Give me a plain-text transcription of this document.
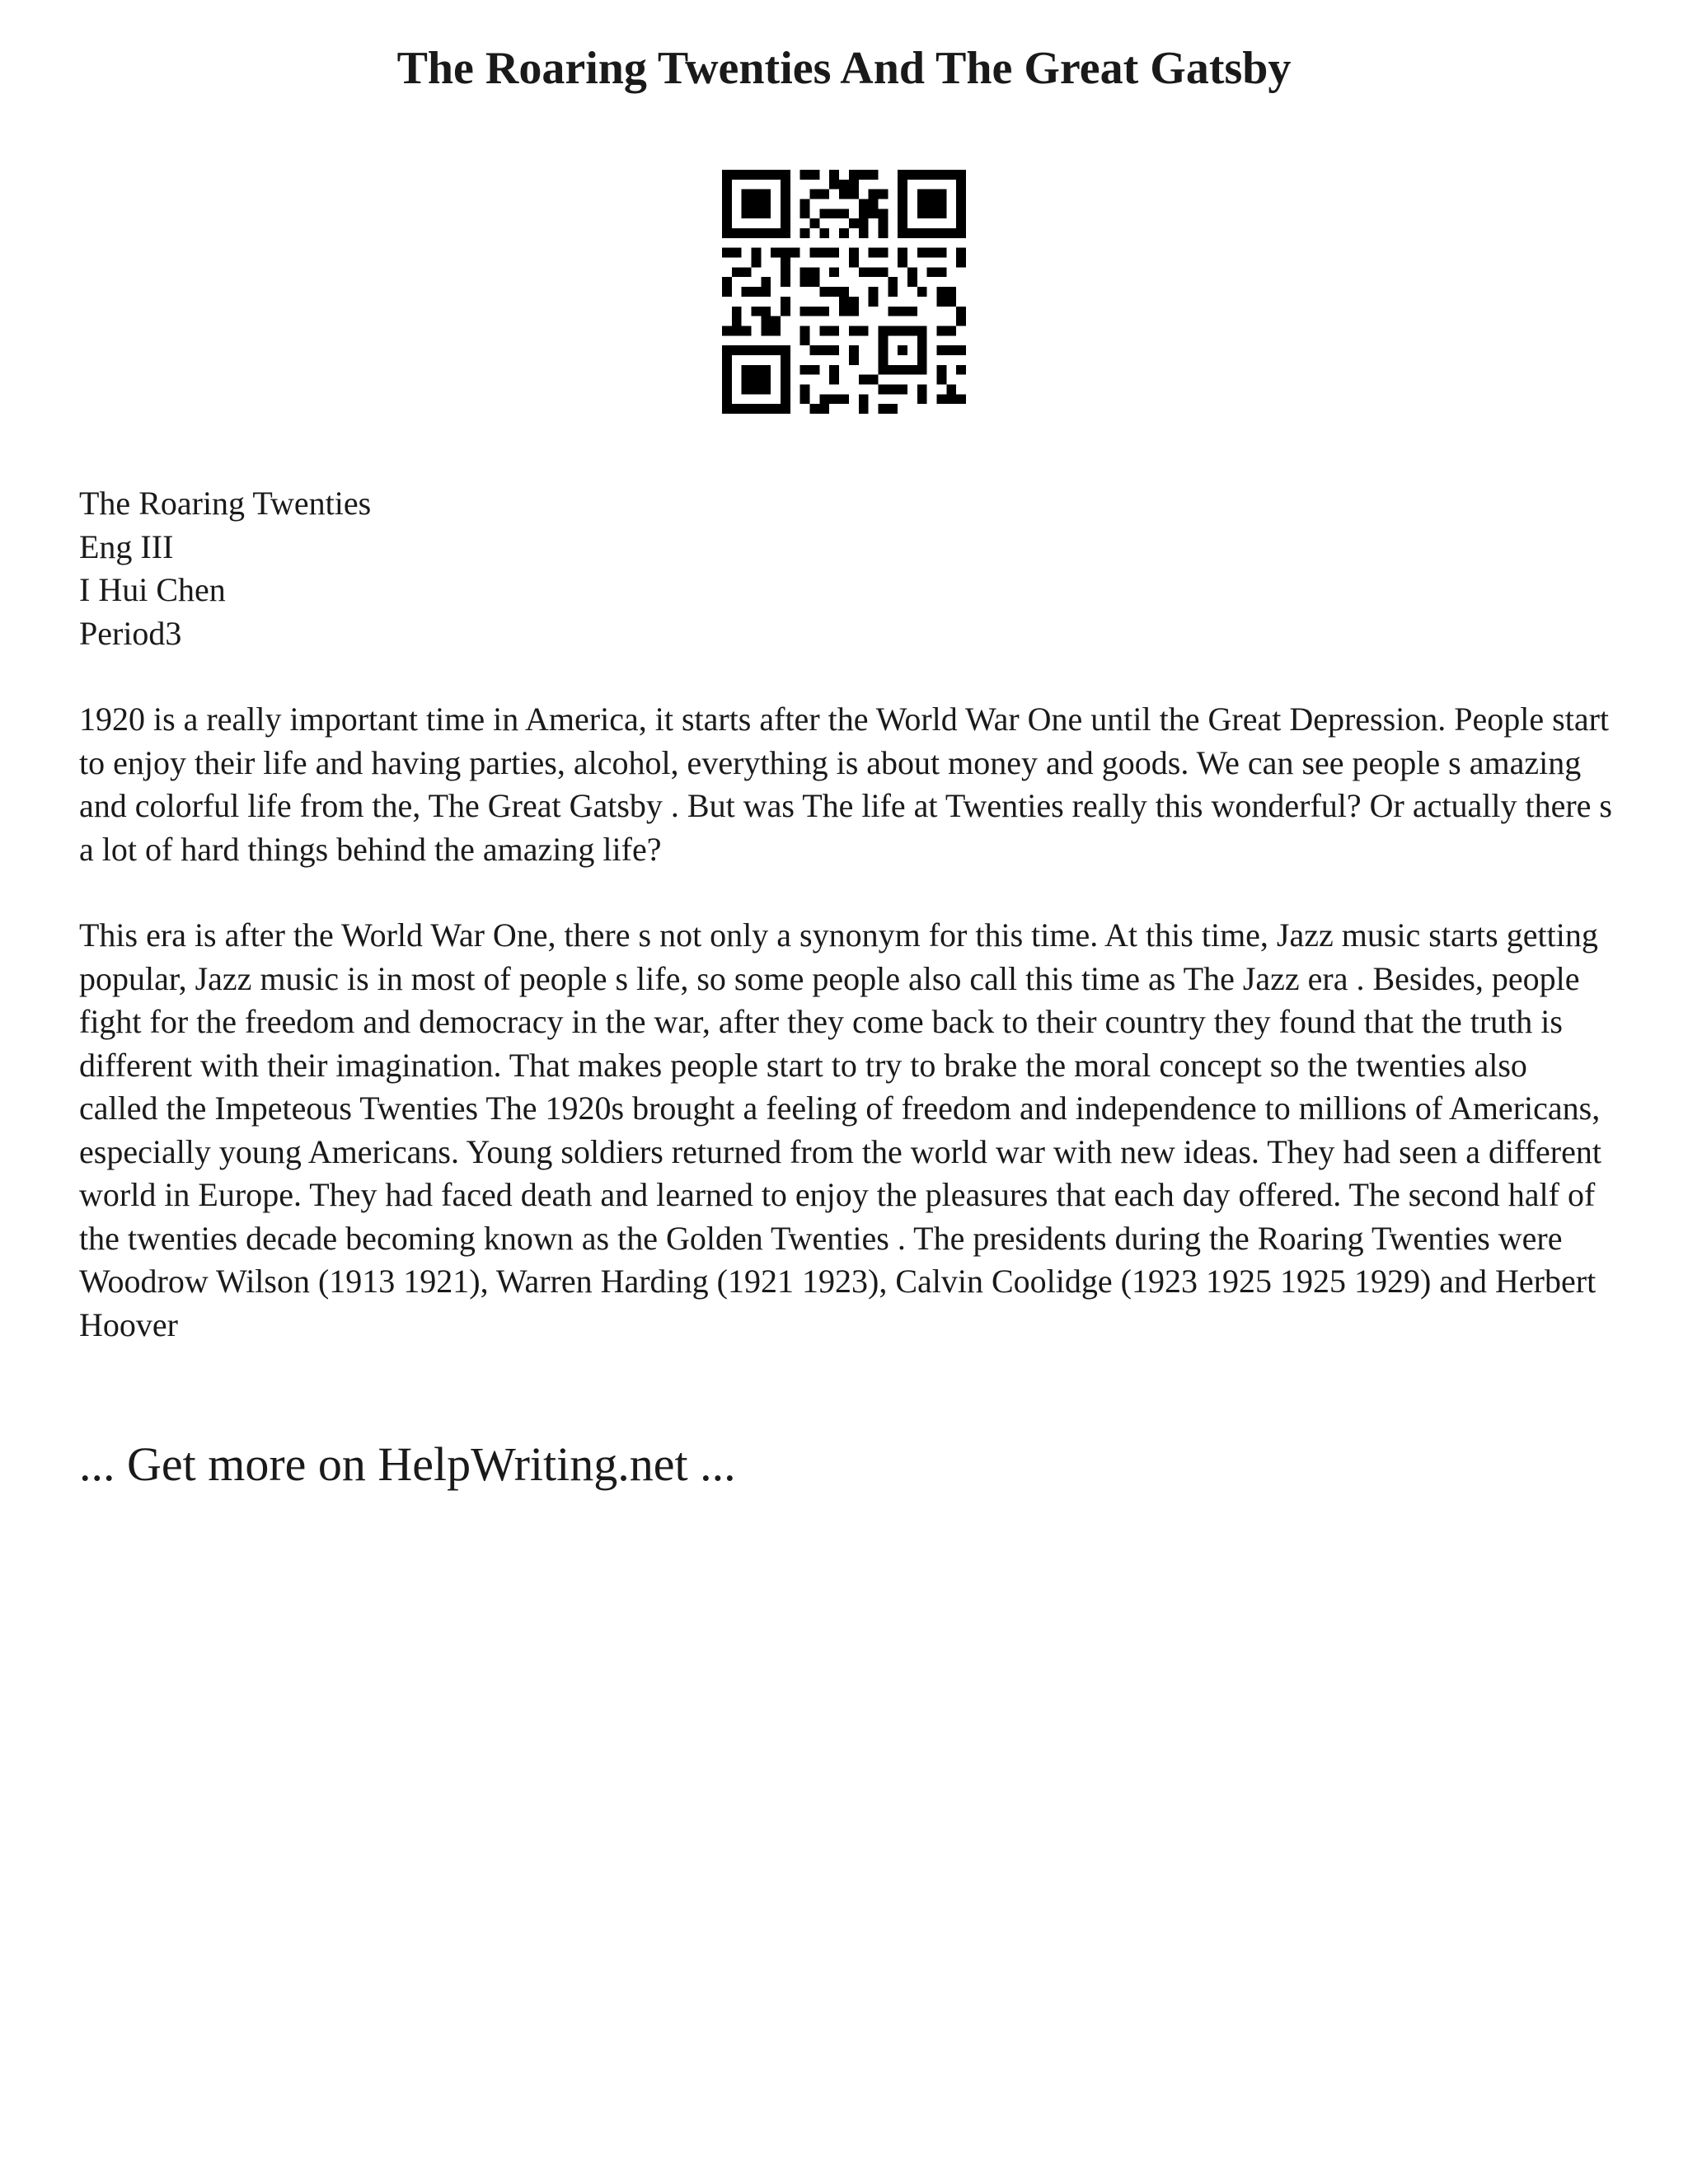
The Roaring Twenties And The Great Gatsby
The Roaring Twenties
Eng III
I Hui Chen
Period3

1920 is a really important time in America, it starts after the World War One until the Great Depression. People start to enjoy their life and having parties, alcohol, everything is about money and goods. We can see people s amazing and colorful life from the, The Great Gatsby . But was The life at Twenties really this wonderful? Or actually there s a lot of hard things behind the amazing life?

This era is after the World War One, there s not only a synonym for this time. At this time, Jazz music starts getting popular, Jazz music is in most of people s life, so some people also call this time as The Jazz era . Besides, people fight for the freedom and democracy in the war, after they come back to their country they found that the truth is different with their imagination. That makes people start to try to brake the moral concept so the twenties also called the Impeteous Twenties The 1920s brought a feeling of freedom and independence to millions of Americans, especially young Americans. Young soldiers returned from the world war with new ideas. They had seen a different world in Europe. They had faced death and learned to enjoy the pleasures that each day offered. The second half of the twenties decade becoming known as the Golden Twenties . The presidents during the Roaring Twenties were Woodrow Wilson (1913 1921), Warren Harding (1921 1923), Calvin Coolidge (1923 1925 1925 1929) and Herbert Hoover

... Get more on HelpWriting.net ...
